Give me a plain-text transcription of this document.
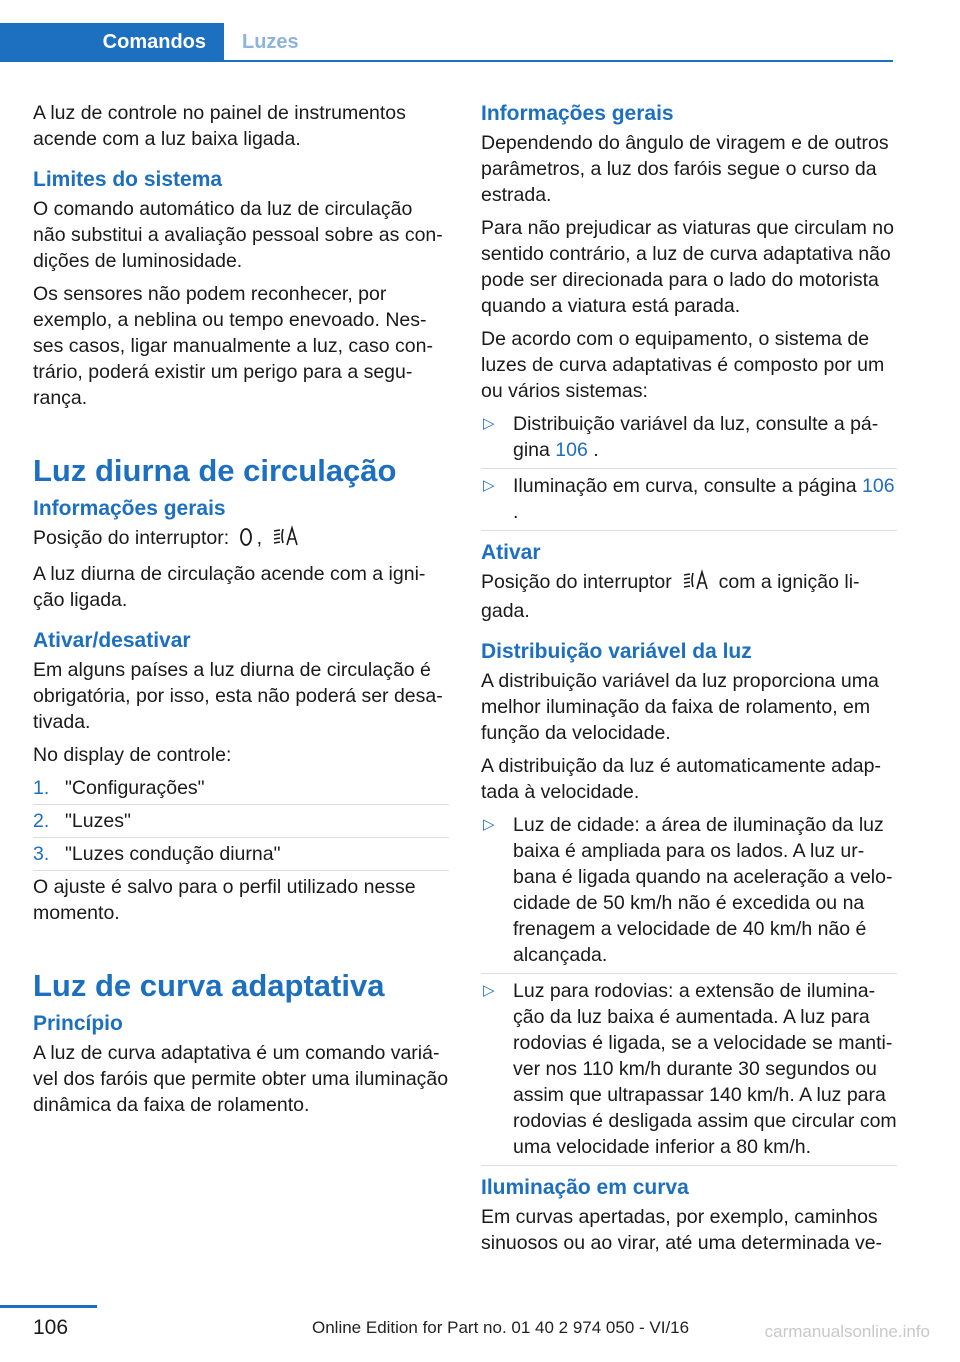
Comandos	Luzes

A luz de controle no painel de instrumentos acende com a luz baixa ligada.

Limites do sistema

O comando automático da luz de circulação não substitui a avaliação pessoal sobre as condições de luminosidade.

Os sensores não podem reconhecer, por exemplo, a neblina ou tempo enevoado. Nesses casos, ligar manualmente a luz, caso contrário, poderá existir um perigo para a segurança.

Luz diurna de circulação
Informações gerais

Posição do interruptor: ,

A luz diurna de circulação acende com a ignição ligada.

Ativar/desativar

Em alguns países a luz diurna de circulação é obrigatória, por isso, esta não poderá ser desativada.

No display de controle:

1. "Configurações"
2. "Luzes"
3. "Luzes condução diurna"

O ajuste é salvo para o perfil utilizado nesse momento.

Luz de curva adaptativa
Princípio

A luz de curva adaptativa é um comando variável dos faróis que permite obter uma iluminação dinâmica da faixa de rolamento.

Informações gerais

Dependendo do ângulo de viragem e de outros parâmetros, a luz dos faróis segue o curso da estrada.

Para não prejudicar as viaturas que circulam no sentido contrário, a luz de curva adaptativa não pode ser direcionada para o lado do motorista quando a viatura está parada.

De acordo com o equipamento, o sistema de luzes de curva adaptativas é composto por um ou vários sistemas:

▷ Distribuição variável da luz, consulte a página 106 .
▷ Iluminação em curva, consulte a página 106 .
Ativar

Posição do interruptor com a ignição ligada.

Distribuição variável da luz

A distribuição variável da luz proporciona uma melhor iluminação da faixa de rolamento, em função da velocidade.

A distribuição da luz é automaticamente adaptada à velocidade.

▷ Luz de cidade: a área de iluminação da luz baixa é ampliada para os lados. A luz urbana é ligada quando na aceleração a velocidade de 50 km/h não é excedida ou na frenagem a velocidade de 40 km/h não é alcançada.
▷ Luz para rodovias: a extensão de iluminação da luz baixa é aumentada. A luz para rodovias é ligada, se a velocidade se mantiver nos 110 km/h durante 30 segundos ou assim que ultrapassar 140 km/h. A luz para rodovias é desligada assim que circular com uma velocidade inferior a 80 km/h.
Iluminação em curva

Em curvas apertadas, por exemplo, caminhos sinuosos ou ao virar, até uma determinada ve-

106	Online Edition for Part no. 01 40 2 974 050 - VI/16	carmanualsonline.info
